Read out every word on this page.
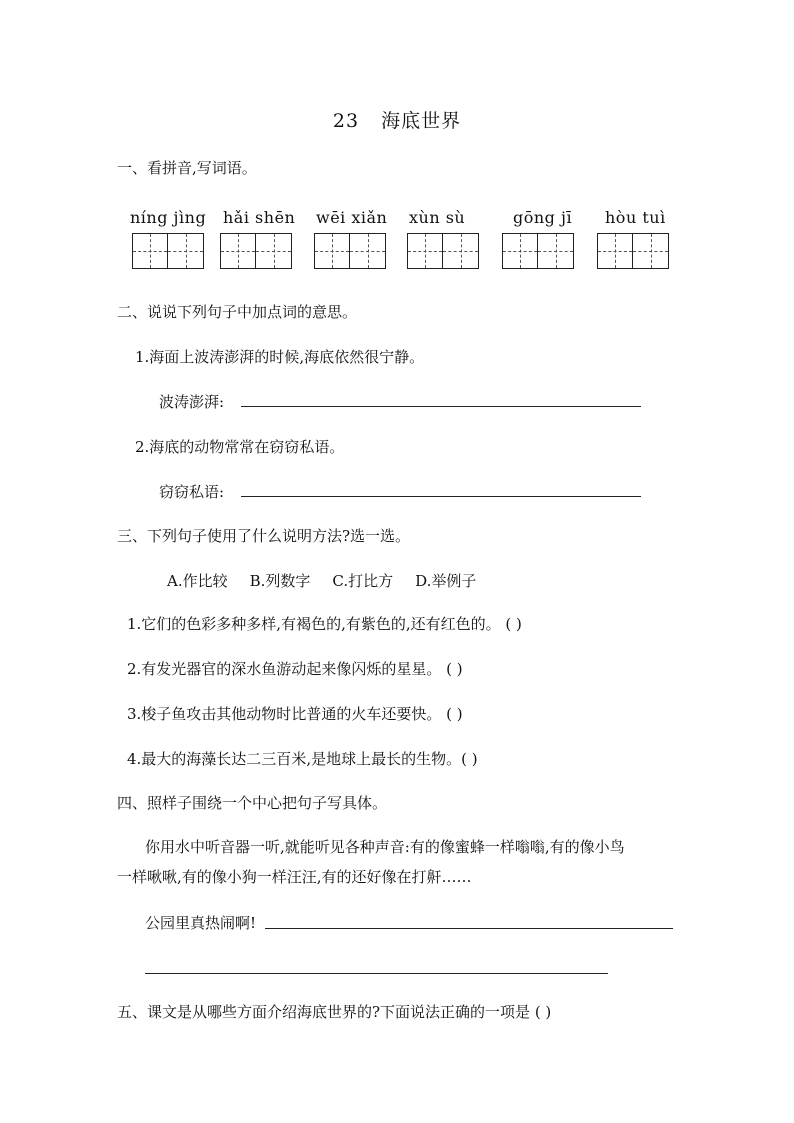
23 海底世界
一、看拼音,写词语。
níng jìng hǎi shēn wēi xiǎn xùn sù	gōng jī hòu tuì
二、说说下列句子中加点词的意思。
1.海面上波涛澎湃的时候,海底依然很宁静。
波涛澎湃:
2.海底的动物常常在窃窃私语。
窃窃私语:
三、下列句子使用了什么说明方法?选一选。
A.作比较 B.列数字 C.打比方 D.举例子
1.它们的色彩多种多样,有褐色的,有紫色的,还有红色的。 ( )
2.有发光器官的深水鱼游动起来像闪烁的星星。 ( )
3.梭子鱼攻击其他动物时比普通的火车还要快。 ( )
4.最大的海藻长达二三百米,是地球上最长的生物。( )
四、照样子围绕一个中心把句子写具体。
你用水中听音器一听,就能听见各种声音:有的像蜜蜂一样嗡嗡,有的像小鸟
一样啾啾,有的像小狗一样汪汪,有的还好像在打鼾……
公园里真热闹啊!
五、课文是从哪些方面介绍海底世界的?下面说法正确的一项是 ( )
